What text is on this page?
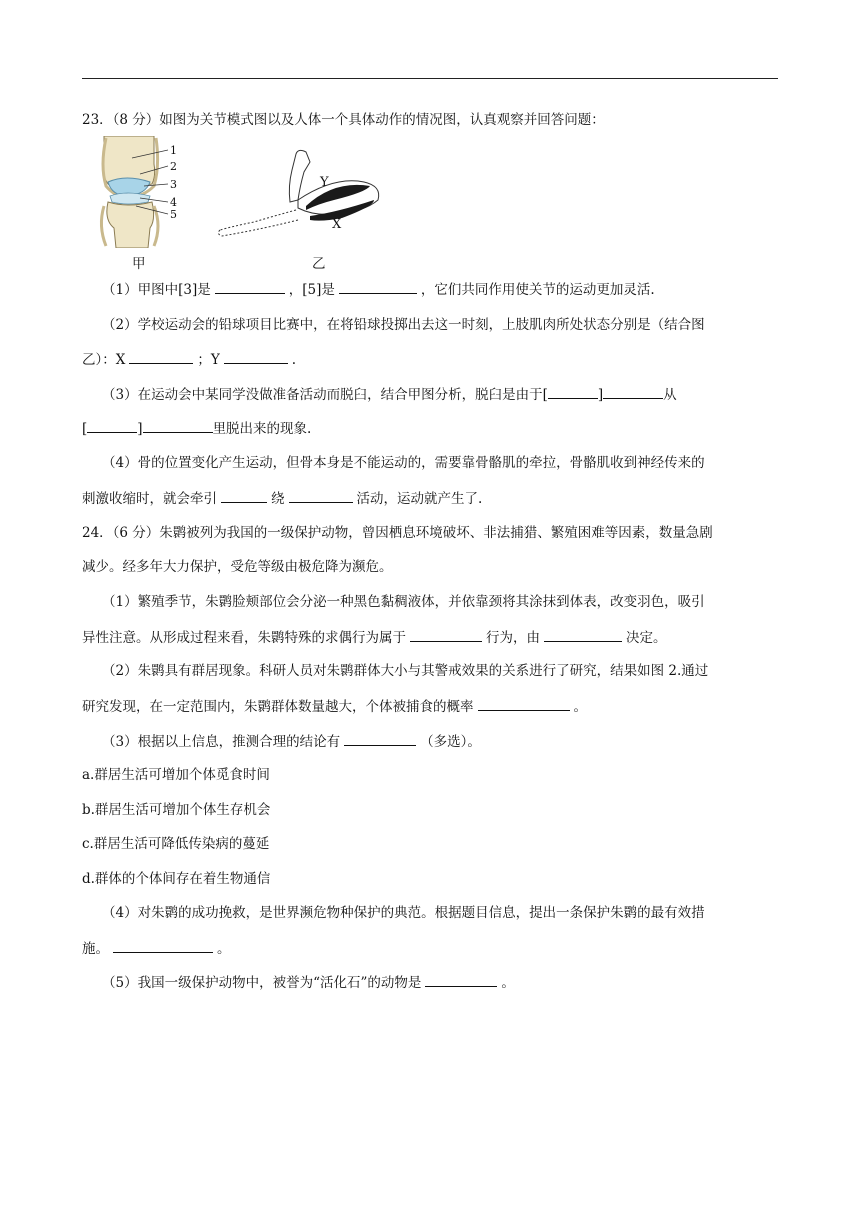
23．（8 分）如图为关节模式图以及人体一个具体动作的情况图，认真观察并回答问题：
1
2
3
4
5
Y
X
甲	乙
（1）甲图中[3]是	，[5]是	，它们共同作用使关节的运动更加灵活.
（2）学校运动会的铅球项目比赛中，在将铅球投掷出去这一时刻，上肢肌肉所处状态分别是（结合图
乙）：X	；Y	.
（3）在运动会中某同学没做准备活动而脱臼，结合甲图分析，脱臼是由于[	]	从
[	]	里脱出来的现象.
（4）骨的位置变化产生运动，但骨本身是不能运动的，需要靠骨骼肌的牵拉，骨骼肌收到神经传来的
刺激收缩时，就会牵引	绕	活动，运动就产生了.
24．（6 分）朱鹮被列为我国的一级保护动物，曾因栖息环境破坏、非法捕猎、繁殖困难等因素，数量急剧
减少。经多年大力保护，受危等级由极危降为濒危。
（1）繁殖季节，朱鹮脸颊部位会分泌一种黑色黏稠液体，并依靠颈将其涂抹到体表，改变羽色，吸引
异性注意。从形成过程来看，朱鹮特殊的求偶行为属于	行为，由	决定。
（2）朱鹮具有群居现象。科研人员对朱鹮群体大小与其警戒效果的关系进行了研究，结果如图 2.通过
研究发现，在一定范围内，朱鹮群体数量越大，个体被捕食的概率	。
（3）根据以上信息，推测合理的结论有	（多选）。
a.群居生活可增加个体觅食时间
b.群居生活可增加个体生存机会
c.群居生活可降低传染病的蔓延
d.群体的个体间存在着生物通信
（4）对朱鹮的成功挽救，是世界濒危物种保护的典范。根据题目信息，提出一条保护朱鹮的最有效措
施。	。
（5）我国一级保护动物中，被誉为“活化石”的动物是	。
